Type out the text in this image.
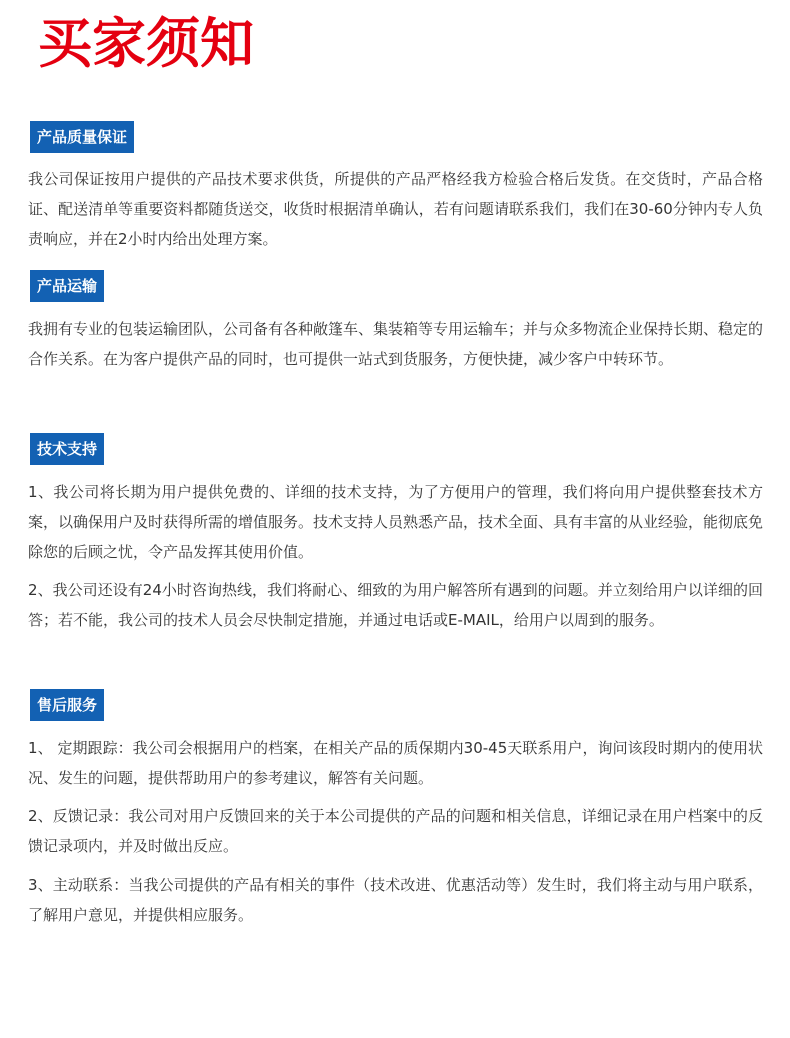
买家须知
产品质量保证

我公司保证按用户提供的产品技术要求供货，所提供的产品严格经我方检验合格后发货。在交货时，产品合格证、配送清单等重要资料都随货送交，收货时根据清单确认，若有问题请联系我们，我们在30-60分钟内专人负责响应，并在2小时内给出处理方案。

产品运输

我拥有专业的包装运输团队，公司备有各种敞篷车、集装箱等专用运输车；并与众多物流企业保持长期、稳定的合作关系。在为客户提供产品的同时，也可提供一站式到货服务，方便快捷，减少客户中转环节。

技术支持

1、我公司将长期为用户提供免费的、详细的技术支持，为了方便用户的管理，我们将向用户提供整套技术方案，以确保用户及时获得所需的增值服务。技术支持人员熟悉产品，技术全面、具有丰富的从业经验，能彻底免除您的后顾之忧，令产品发挥其使用价值。

2、我公司还设有24小时咨询热线，我们将耐心、细致的为用户解答所有遇到的问题。并立刻给用户以详细的回答；若不能，我公司的技术人员会尽快制定措施，并通过电话或E-MAIL，给用户以周到的服务。

售后服务

1、 定期跟踪：我公司会根据用户的档案，在相关产品的质保期内30-45天联系用户，询问该段时期内的使用状况、发生的问题，提供帮助用户的参考建议，解答有关问题。

2、反馈记录：我公司对用户反馈回来的关于本公司提供的产品的问题和相关信息，详细记录在用户档案中的反馈记录项内，并及时做出反应。

3、主动联系：当我公司提供的产品有相关的事件（技术改进、优惠活动等）发生时，我们将主动与用户联系，了解用户意见，并提供相应服务。
